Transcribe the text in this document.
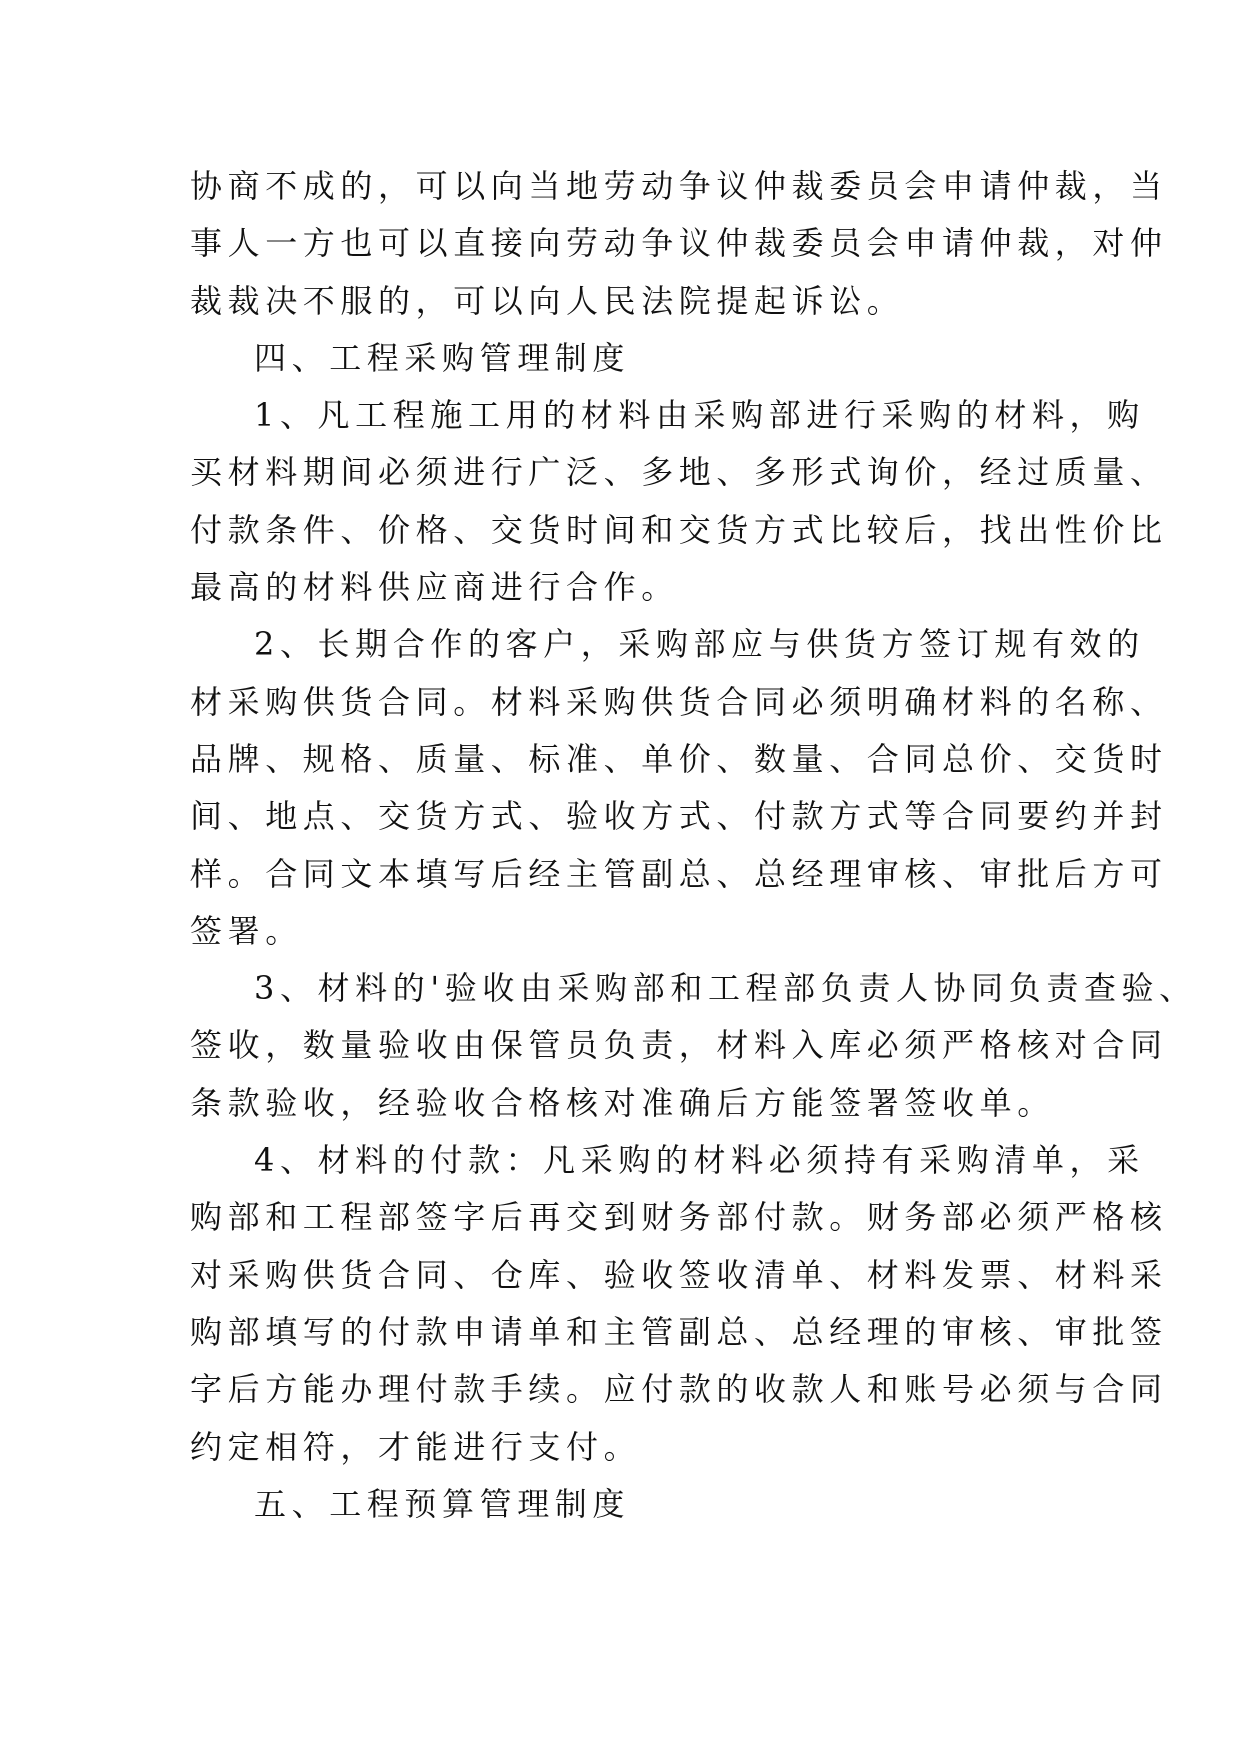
协商不成的，可以向当地劳动争议仲裁委员会申请仲裁，当
事人一方也可以直接向劳动争议仲裁委员会申请仲裁，对仲
裁裁决不服的，可以向人民法院提起诉讼。
四、工程采购管理制度
1、凡工程施工用的材料由采购部进行采购的材料，购
买材料期间必须进行广泛、多地、多形式询价，经过质量、
付款条件、价格、交货时间和交货方式比较后，找出性价比
最高的材料供应商进行合作。
2、长期合作的客户，采购部应与供货方签订规有效的
材采购供货合同。材料采购供货合同必须明确材料的名称、
品牌、规格、质量、标准、单价、数量、合同总价、交货时
间、地点、交货方式、验收方式、付款方式等合同要约并封
样。合同文本填写后经主管副总、总经理审核、审批后方可
签署。
3、材料的'验收由采购部和工程部负责人协同负责查验、
签收，数量验收由保管员负责，材料入库必须严格核对合同
条款验收，经验收合格核对准确后方能签署签收单。
4、材料的付款：凡采购的材料必须持有采购清单，采
购部和工程部签字后再交到财务部付款。财务部必须严格核
对采购供货合同、仓库、验收签收清单、材料发票、材料采
购部填写的付款申请单和主管副总、总经理的审核、审批签
字后方能办理付款手续。应付款的收款人和账号必须与合同
约定相符，才能进行支付。
五、工程预算管理制度
